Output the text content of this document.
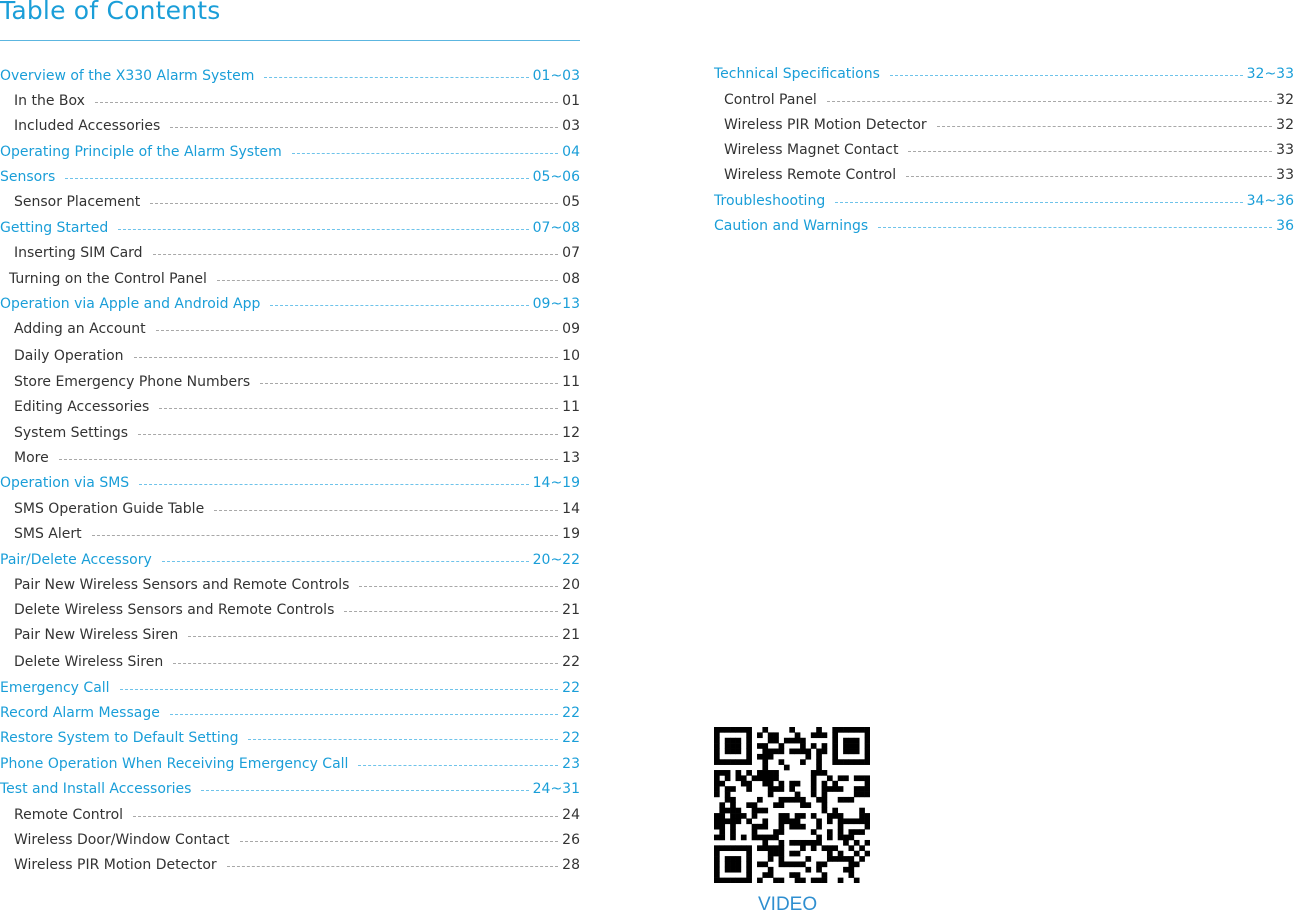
Table of Contents
Overview of the X330 Alarm System	01~03
In the Box	01
Included Accessories	03
Operating Principle of the Alarm System	04
Sensors	05~06
Sensor Placement	05
Getting Started	07~08
Inserting SIM Card	07
Turning on the Control Panel	08
Operation via Apple and Android App	09~13
Adding an Account	09
Daily Operation	10
Store Emergency Phone Numbers	11
Editing Accessories	11
System Settings	12
More	13
Operation via SMS	14~19
SMS Operation Guide Table	14
SMS Alert	19
Pair/Delete Accessory	20~22
Pair New Wireless Sensors and Remote Controls	20
Delete Wireless Sensors and Remote Controls	21
Pair New Wireless Siren	21
Delete Wireless Siren	22
Emergency Call	22
Record Alarm Message	22
Restore System to Default Setting	22
Phone Operation When Receiving Emergency Call	23
Test and Install Accessories	24~31
Remote Control	24
Wireless Door/Window Contact	26
Wireless PIR Motion Detector	28
Technical Specifications	32~33
Control Panel	32
Wireless PIR Motion Detector	32
Wireless Magnet Contact	33
Wireless Remote Control	33
Troubleshooting	34~36
Caution and Warnings	36
VIDEO
